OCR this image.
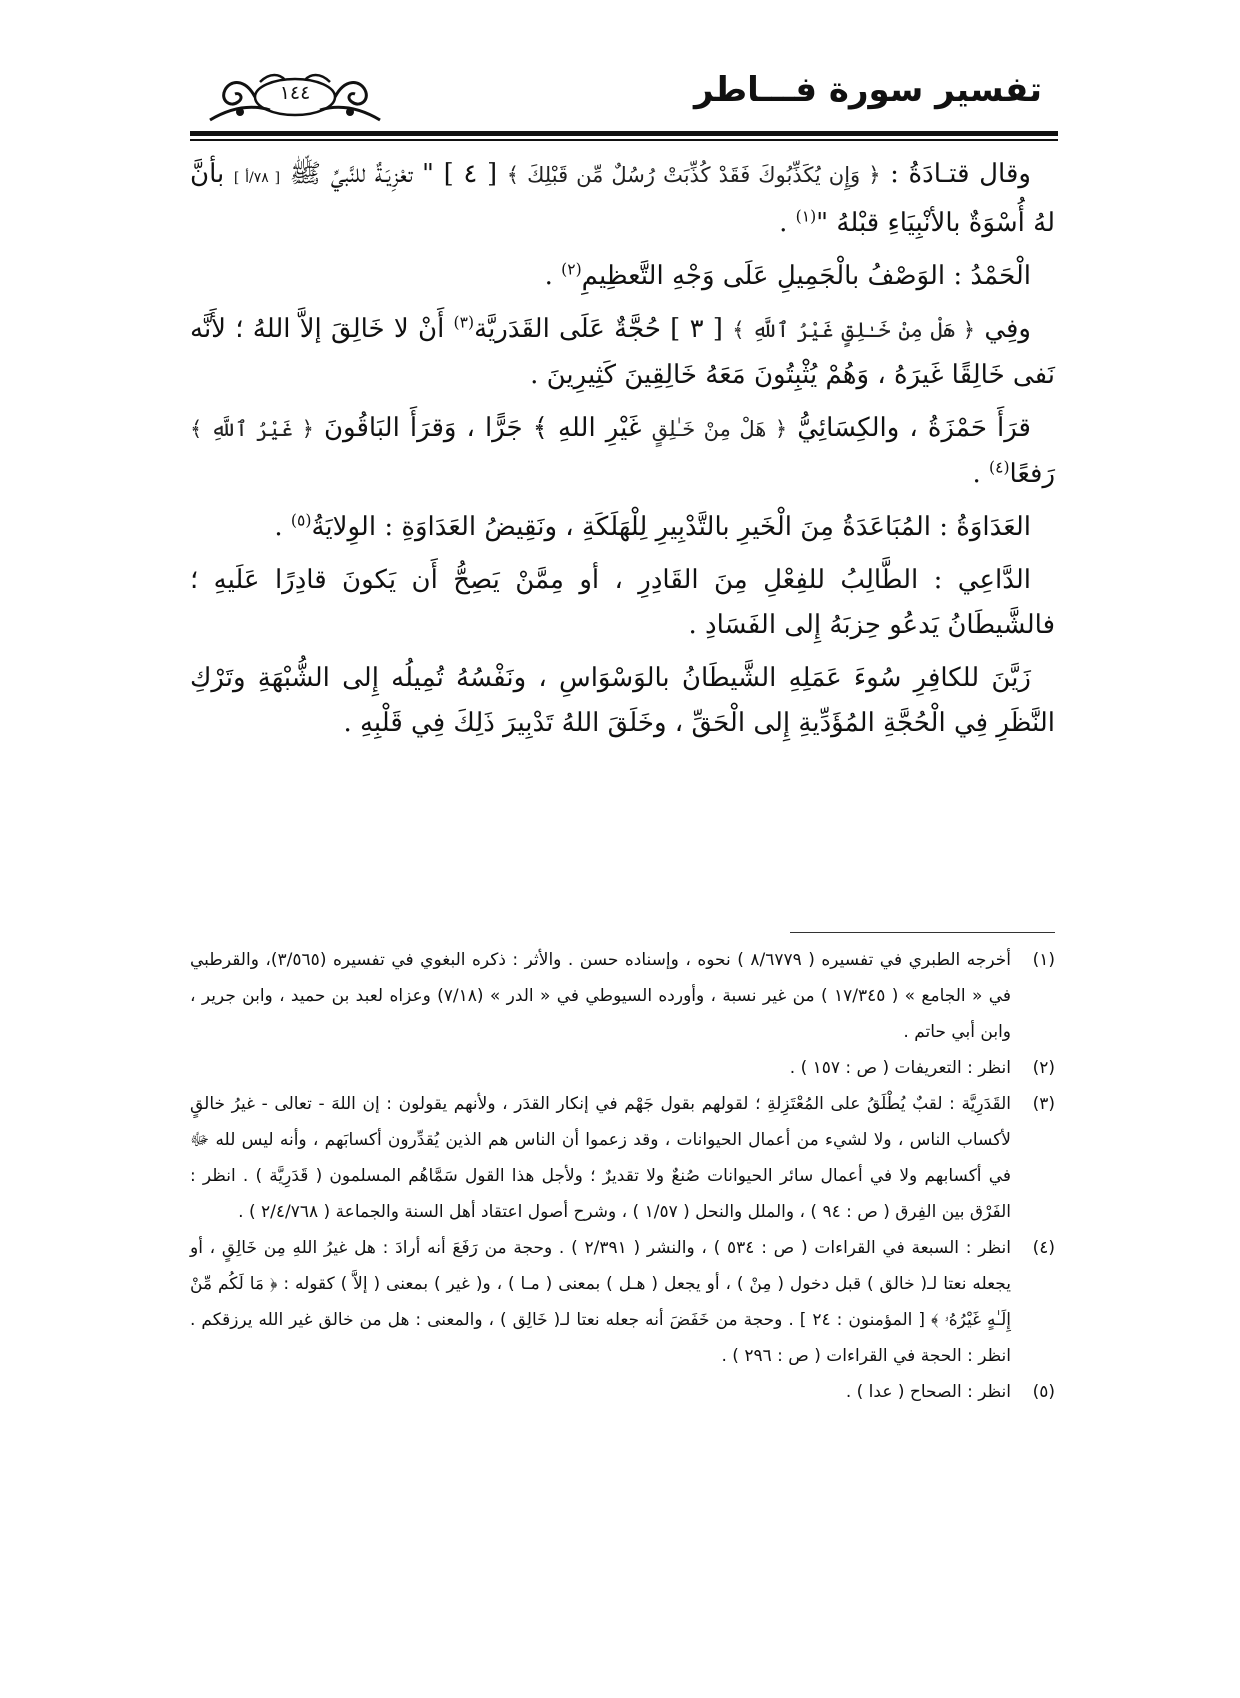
تفسير سورة فـــاطر
١٤٤

وقال قتـادَةُ : ﴿ وَإِن يُكَذِّبُوكَ فَقَدْ كُذِّبَتْ رُسُلٌ مِّن قَبْلِكَ ﴾ [ ٤ ] " تعْزِيَـةٌ للنَّبيِّ ﷺ [ ٧٨/أ ] بأنَّ لهُ أُسْوَةٌ بالأنْبِيَاءِ قبْلهُ "$^{(١)}$ .

الْحَمْدُ : الوَصْفُ بالْجَمِيلِ عَلَى وَجْهِ التَّعظِيمِ$^{(٢)}$ .

وفِي ﴿ هَلْ مِنْ خَـٰلِقٍ غَيْرُ ٱللَّهِ ﴾ [ ٣ ] حُجَّةٌ عَلَى القَدَريَّة$^{(٣)}$ أَنْ لا خَالِقَ إلاَّ اللهُ ؛ لأَنَّه نَفى خَالِقًا غَيرَهُ ، وَهُمْ يُثْبِتُونَ مَعَهُ خَالِقِينَ كَثِيرِينَ .

قرَأَ حَمْزَةُ ، والكِسَائِيُّ ﴿ هَلْ مِنْ خَـٰلِقٍ غَيْرِ اللهِ ﴾ جَرًّا ، وَقرَأَ البَاقُونَ ﴿ غَيْرُ ٱللَّهِ ﴾ رَفعًا$^{(٤)}$ .

العَدَاوَةُ : المُبَاعَدَةُ مِنَ الْخَيرِ بالتَّدْبِيرِ لِلْهَلَكَةِ ، ونَقِيضُ العَدَاوَةِ : الوِلايَةُ$^{(٥)}$ .

الدَّاعِي : الطَّالِبُ للفِعْلِ مِنَ القَادِرِ ، أو مِمَّنْ يَصِحُّ أَن يَكونَ قادِرًا عَلَيهِ ؛ فالشَّيطَانُ يَدعُو حِزبَهُ إِلى الفَسَادِ .

زَيَّنَ للكافِرِ سُوءَ عَمَلِهِ الشَّيطَانُ بالوَسْوَاسِ ، ونَفْسُهُ تُمِيلُه إِلى الشُّبْهَةِ وتَرْكِ النَّظَرِ فِي الْحُجَّةِ المُؤَدِّيةِ إِلى الْحَقِّ ، وخَلَقَ اللهُ تَدْبِيرَ ذَلِكَ فِي قَلْبِهِ .

(١)
أخرجه الطبري في تفسيره ( ٨/٦٧٧٩ ) نحوه ، وإسناده حسن . والأثر : ذكره البغوي في تفسيره (٣/٥٦٥)، والقرطبي في « الجامع » ( ١٧/٣٤٥ ) من غير نسبة ، وأورده السيوطي في « الدر » (٧/١٨) وعزاه لعبد بن حميد ، وابن جرير ، وابن أبي حاتم .
(٢)
انظر : التعريفات ( ص : ١٥٧ ) .
(٣)
القَدَرِيَّة : لقبٌ يُطْلَقُ على المُعْتَزِلةِ ؛ لقولهم بقول جَهْم في إنكار القدَر ، ولأنهم يقولون : إن اللهَ - تعالى - غيرُ خالقٍ لأكساب الناس ، ولا لشيء من أعمال الحيوانات ، وقد زعموا أن الناس هم الذين يُقدِّرون أكسابَهم ، وأنه ليس لله ﷻ في أكسابهم ولا في أعمال سائر الحيوانات صُنعٌ ولا تقديرٌ ؛ ولأجل هذا القول سَمَّاهُم المسلمون ( قَدَرِيَّة ) . انظر : الفَرْق بين الفِرق ( ص : ٩٤ ) ، والملل والنحل ( ١/٥٧ ) ، وشرح أصول اعتقاد أهل السنة والجماعة ( ٢/٤/٧٦٨ ) .
(٤)
انظر : السبعة في القراءات ( ص : ٥٣٤ ) ، والنشر ( ٢/٣٩١ ) . وحجة من رَفَعَ أنه أرادَ : هل غيرُ اللهِ مِن خَالِقٍ ، أو يجعله نعتا لـ( خالق ) قبل دخول ( مِنْ ) ، أو يجعل ( هـل ) بمعنى ( مـا ) ، و( غير ) بمعنى ( إلاَّ ) كقوله : ﴿ مَا لَكُم مِّنْ إِلَـٰهٍ غَيْرُهُۥ ﴾ [ المؤمنون : ٢٤ ] . وحجة من خَفَضَ أنه جعله نعتا لـ( خَالِق ) ، والمعنى : هل من خالق غير الله يرزقكم . انظر : الحجة في القراءات ( ص : ٢٩٦ ) .
(٥)
انظر : الصحاح ( عدا ) .
